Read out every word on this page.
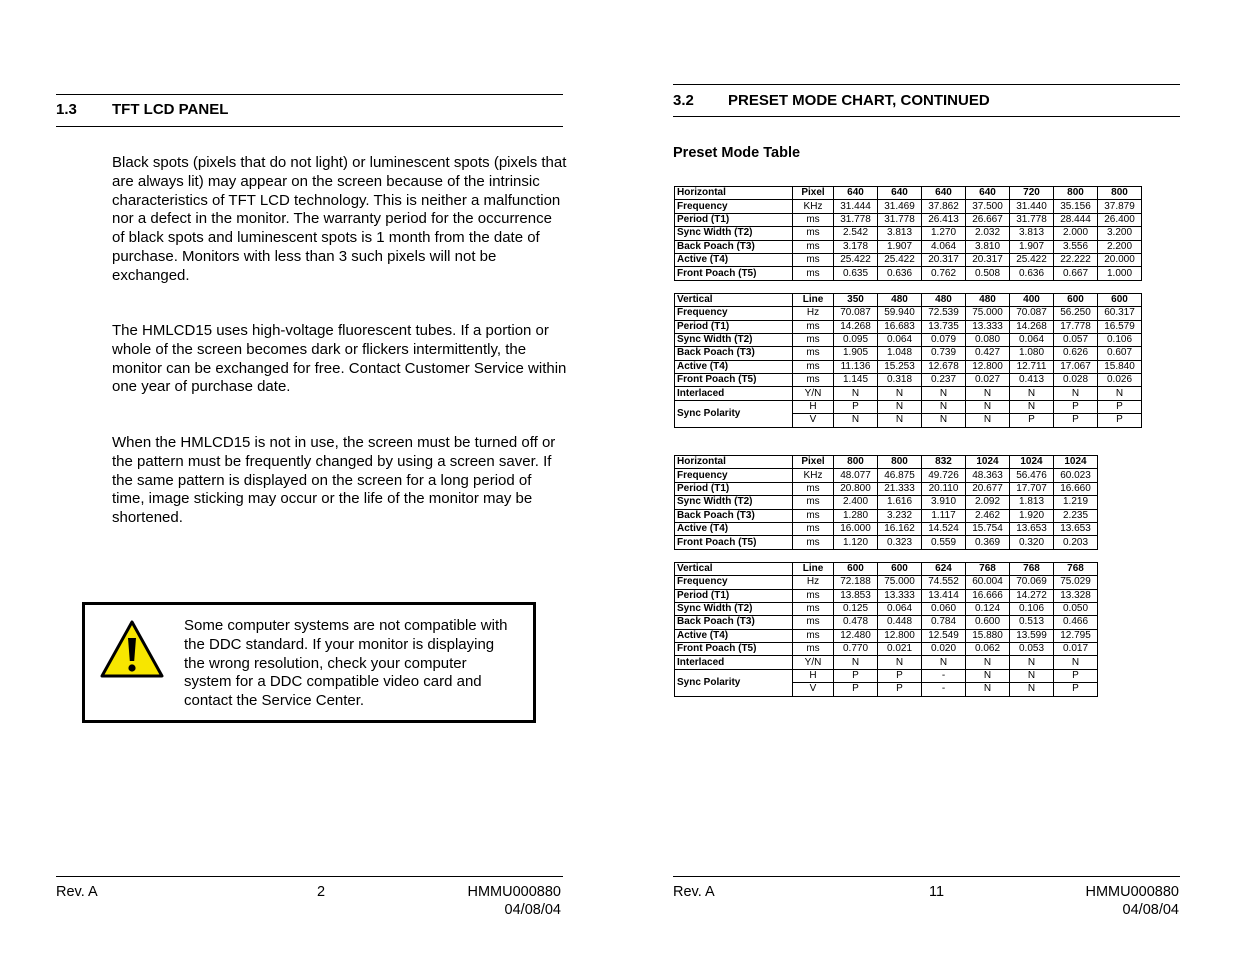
1.3 TFT LCD PANEL

Black spots (pixels that do not light) or luminescent spots (pixels that are always lit) may appear on the screen because of the intrinsic characteristics of TFT LCD technology. This is neither a malfunction nor a defect in the monitor. The warranty period for the occurrence of black spots and luminescent spots is 1 month from the date of purchase. Monitors with less than 3 such pixels will not be exchanged.

The HMLCD15 uses high-voltage fluorescent tubes. If a portion or whole of the screen becomes dark or flickers intermittently, the monitor can be exchanged for free. Contact Customer Service within one year of purchase date.

When the HMLCD15 is not in use, the screen must be turned off or the pattern must be frequently changed by using a screen saver. If the same pattern is displayed on the screen for a long period of time, image sticking may occur or the life of the monitor may be shortened.

Some computer systems are not compatible with the DDC standard. If your monitor is displaying the wrong resolution, check your computer system for a DDC compatible video card and contact the Service Center.

Rev. A	2	HMMU000880
04/08/04
3.2 PRESET MODE CHART, CONTINUED
Preset Mode Table
Horizontal	Pixel	640	640	640	640	720	800	800
Frequency	KHz	31.444	31.469	37.862	37.500	31.440	35.156	37.879
Period (T1)	ms	31.778	31.778	26.413	26.667	31.778	28.444	26.400
Sync Width (T2)	ms	2.542	3.813	1.270	2.032	3.813	2.000	3.200
Back Poach (T3)	ms	3.178	1.907	4.064	3.810	1.907	3.556	2.200
Active (T4)	ms	25.422	25.422	20.317	20.317	25.422	22.222	20.000
Front Poach (T5)	ms	0.635	0.636	0.762	0.508	0.636	0.667	1.000

Vertical	Line	350	480	480	480	400	600	600
Frequency	Hz	70.087	59.940	72.539	75.000	70.087	56.250	60.317
Period (T1)	ms	14.268	16.683	13.735	13.333	14.268	17.778	16.579
Sync Width (T2)	ms	0.095	0.064	0.079	0.080	0.064	0.057	0.106
Back Poach (T3)	ms	1.905	1.048	0.739	0.427	1.080	0.626	0.607
Active (T4)	ms	11.136	15.253	12.678	12.800	12.711	17.067	15.840
Front Poach (T5)	ms	1.145	0.318	0.237	0.027	0.413	0.028	0.026
Interlaced	Y/N	N	N	N	N	N	N	N
Sync Polarity	H	P	N	N	N	N	P	P
	V	N	N	N	N	P	P	P
Horizontal	Pixel	800	800	832	1024	1024	1024
Frequency	KHz	48.077	46.875	49.726	48.363	56.476	60.023
Period (T1)	ms	20.800	21.333	20.110	20.677	17.707	16.660
Sync Width (T2)	ms	2.400	1.616	3.910	2.092	1.813	1.219
Back Poach (T3)	ms	1.280	3.232	1.117	2.462	1.920	2.235
Active (T4)	ms	16.000	16.162	14.524	15.754	13.653	13.653
Front Poach (T5)	ms	1.120	0.323	0.559	0.369	0.320	0.203

Vertical	Line	600	600	624	768	768	768
Frequency	Hz	72.188	75.000	74.552	60.004	70.069	75.029
Period (T1)	ms	13.853	13.333	13.414	16.666	14.272	13.328
Sync Width (T2)	ms	0.125	0.064	0.060	0.124	0.106	0.050
Back Poach (T3)	ms	0.478	0.448	0.784	0.600	0.513	0.466
Active (T4)	ms	12.480	12.800	12.549	15.880	13.599	12.795
Front Poach (T5)	ms	0.770	0.021	0.020	0.062	0.053	0.017
Interlaced	Y/N	N	N	N	N	N	N
Sync Polarity	H	P	P	-	N	N	P
	V	P	P	-	N	N	P
Rev. A	11	HMMU000880
04/08/04
